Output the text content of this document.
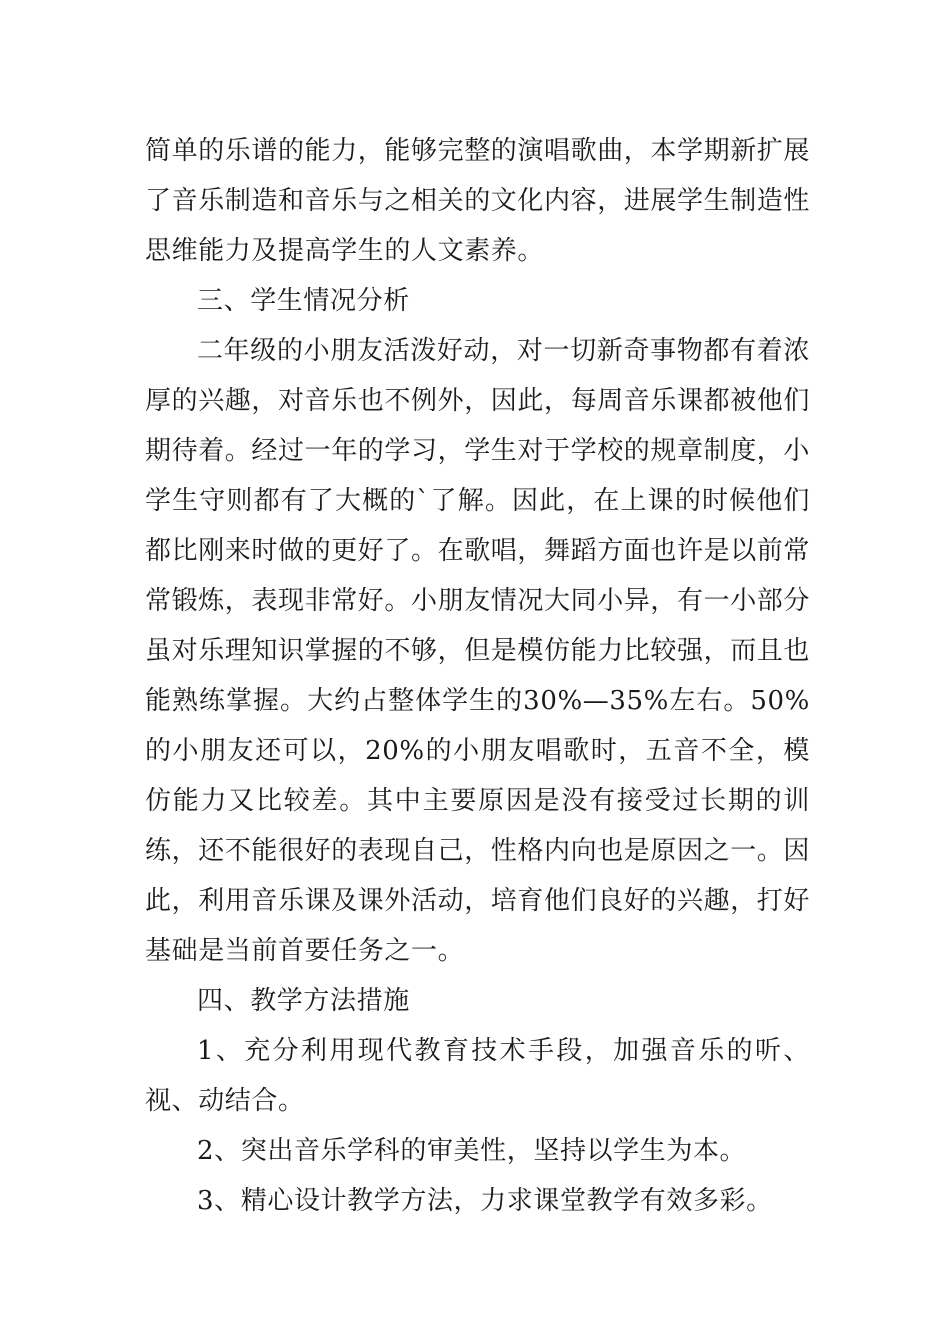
简单的乐谱的能力，能够完整的演唱歌曲，本学期新扩展了音乐制造和音乐与之相关的文化内容，进展学生制造性思维能力及提高学生的人文素养。

三、学生情况分析

二年级的小朋友活泼好动，对一切新奇事物都有着浓厚的兴趣，对音乐也不例外，因此，每周音乐课都被他们期待着。经过一年的学习，学生对于学校的规章制度，小学生守则都有了大概的`了解。因此，在上课的时候他们都比刚来时做的更好了。在歌唱，舞蹈方面也许是以前常常锻炼，表现非常好。小朋友情况大同小异，有一小部分虽对乐理知识掌握的不够，但是模仿能力比较强，而且也能熟练掌握。大约占整体学生的30%—35%左右。50%的小朋友还可以，20%的小朋友唱歌时，五音不全，模仿能力又比较差。其中主要原因是没有接受过长期的训练，还不能很好的表现自己，性格内向也是原因之一。因此，利用音乐课及课外活动，培育他们良好的兴趣，打好基础是当前首要任务之一。

四、教学方法措施

1、充分利用现代教育技术手段，加强音乐的听、视、动结合。

2、突出音乐学科的审美性，坚持以学生为本。

3、精心设计教学方法，力求课堂教学有效多彩。
